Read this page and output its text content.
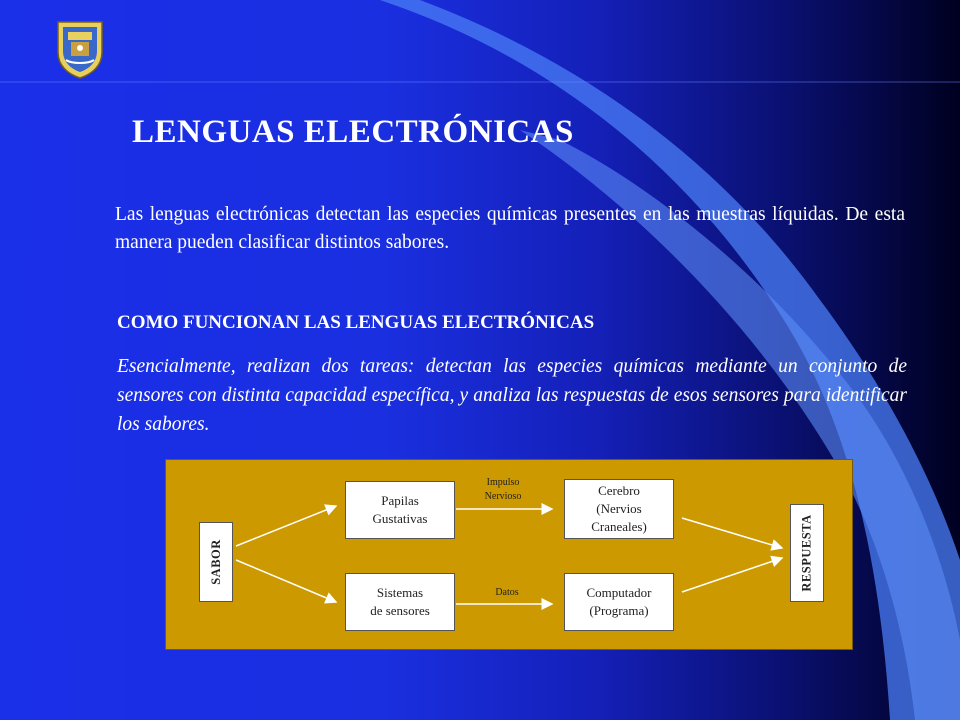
LENGUAS ELECTRÓNICAS
Las lenguas electrónicas detectan las especies químicas presentes en las muestras líquidas. De esta manera pueden clasificar distintos sabores.
COMO FUNCIONAN LAS LENGUAS ELECTRÓNICAS
Esencialmente, realizan dos tareas: detectan las especies químicas mediante un conjunto de sensores con distinta capacidad específica, y analiza las respuestas de esos sensores para identificar los sabores.
SABOR
Papilas
Gustativas
Impulso
Nervioso	Cerebro
(Nervios
Craneales)
Sistemas
de sensores
Datos	Computador
(Programa)
RESPUESTA
